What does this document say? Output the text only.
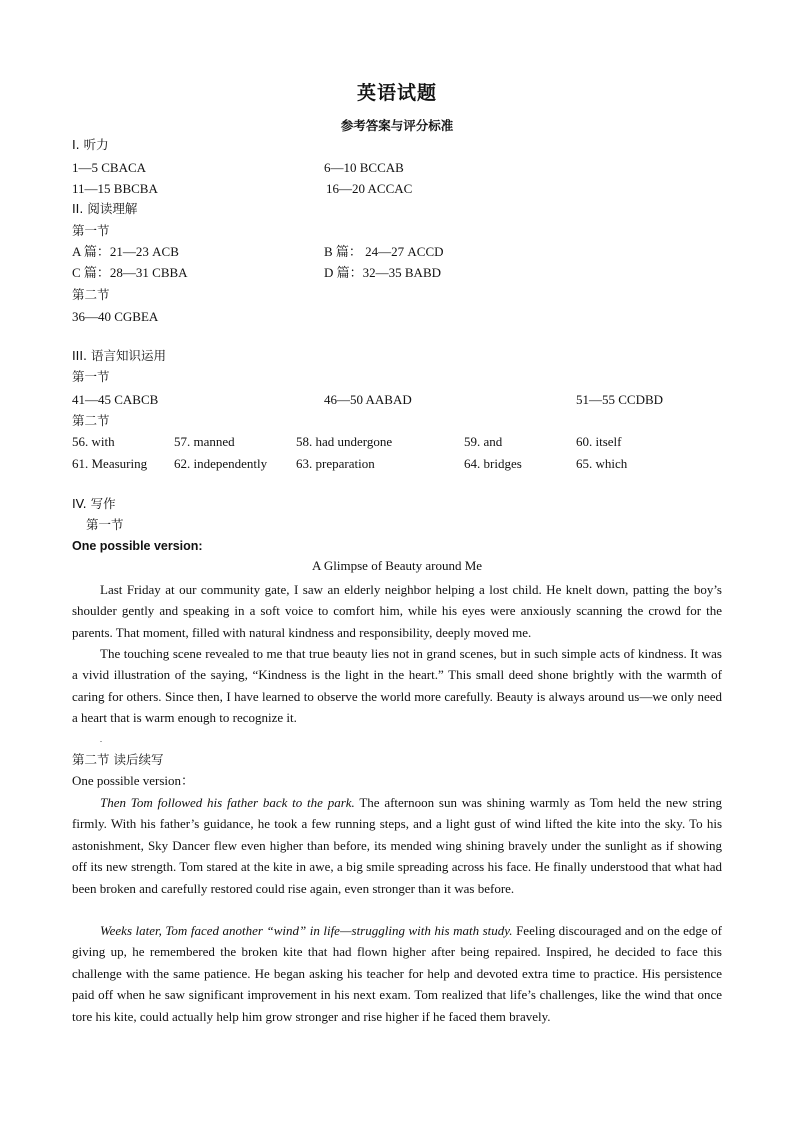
英语试题
参考答案与评分标准
I. 听力
1—5 CBACA	6—10 BCCAB
11—15 BBCBA	16—20 ACCAC
II. 阅读理解
第一节
A 篇：21—23 ACB	B 篇： 24—27 ACCD
C 篇：28—31 CBBA	D 篇：32—35 BABD
第二节
36—40 CGBEA
III. 语言知识运用
第一节
41—45 CABCB	46—50 AABAD	51—55 CCDBD
第二节
56. with	57. manned	58. had undergone	59. and	60. itself
61. Measuring 62. independently 63. preparation	64. bridges	65. which
IV. 写作
第一节
One possible version:
A Glimpse of Beauty around Me
Last Friday at our community gate, I saw an elderly neighbor helping a lost child. He knelt down, patting the boy’s shoulder gently and speaking in a soft voice to comfort him, while his eyes were anxiously scanning the crowd for the parents. That moment, filled with natural kindness and responsibility, deeply moved me.
The touching scene revealed to me that true beauty lies not in grand scenes, but in such simple acts of kindness. It was a vivid illustration of the saying, “Kindness is the light in the heart.” This small deed shone brightly with the warmth of caring for others. Since then, I have learned to observe the world more carefully. Beauty is always around us—we only need a heart that is warm enough to recognize it.
.
第二节 读后续写
One possible version：
Then Tom followed his father back to the park. The afternoon sun was shining warmly as Tom held the new string firmly. With his father’s guidance, he took a few running steps, and a light gust of wind lifted the kite into the sky. To his astonishment, Sky Dancer flew even higher than before, its mended wing shining bravely under the sunlight as if showing off its new strength. Tom stared at the kite in awe, a big smile spreading across his face. He finally understood that what had been broken and carefully restored could rise again, even stronger than it was before.
Weeks later, Tom faced another “wind” in life—struggling with his math study. Feeling discouraged and on the edge of giving up, he remembered the broken kite that had flown higher after being repaired. Inspired, he decided to face this challenge with the same patience. He began asking his teacher for help and devoted extra time to practice. His persistence paid off when he saw significant improvement in his next exam. Tom realized that life’s challenges, like the wind that once tore his kite, could actually help him grow stronger and rise higher if he faced them bravely.
